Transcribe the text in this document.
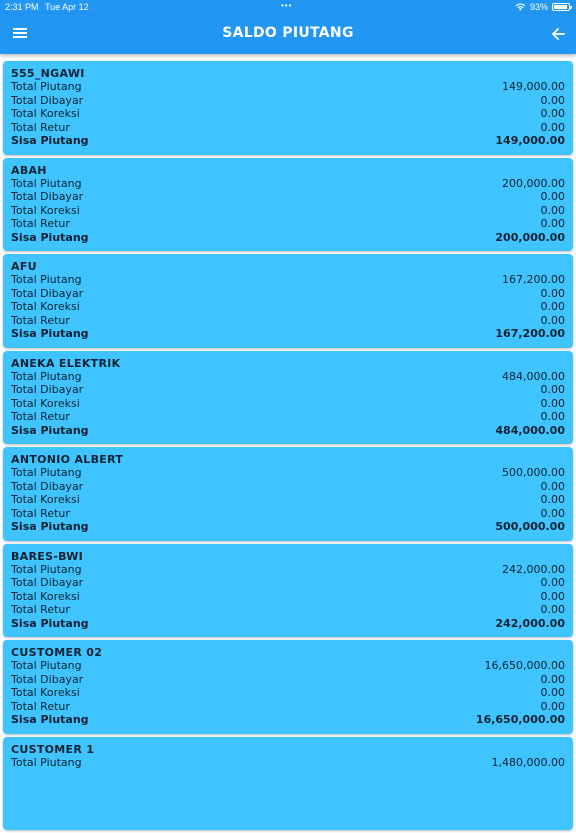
2:31 PM Tue Apr 12	•••	93%
SALDO PIUTANG
555_NGAWI
Total Piutang	149,000.00
Total Dibayar	0.00
Total Koreksi	0.00
Total Retur	0.00
Sisa Piutang	149,000.00
ABAH
Total Piutang	200,000.00
Total Dibayar	0.00
Total Koreksi	0.00
Total Retur	0.00
Sisa Piutang	200,000.00
AFU
Total Piutang	167,200.00
Total Dibayar	0.00
Total Koreksi	0.00
Total Retur	0.00
Sisa Piutang	167,200.00
ANEKA ELEKTRIK
Total Piutang	484,000.00
Total Dibayar	0.00
Total Koreksi	0.00
Total Retur	0.00
Sisa Piutang	484,000.00
ANTONIO ALBERT
Total Piutang	500,000.00
Total Dibayar	0.00
Total Koreksi	0.00
Total Retur	0.00
Sisa Piutang	500,000.00
BARES-BWI
Total Piutang	242,000.00
Total Dibayar	0.00
Total Koreksi	0.00
Total Retur	0.00
Sisa Piutang	242,000.00
CUSTOMER 02
Total Piutang	16,650,000.00
Total Dibayar	0.00
Total Koreksi	0.00
Total Retur	0.00
Sisa Piutang	16,650,000.00
CUSTOMER 1
Total Piutang	1,480,000.00
